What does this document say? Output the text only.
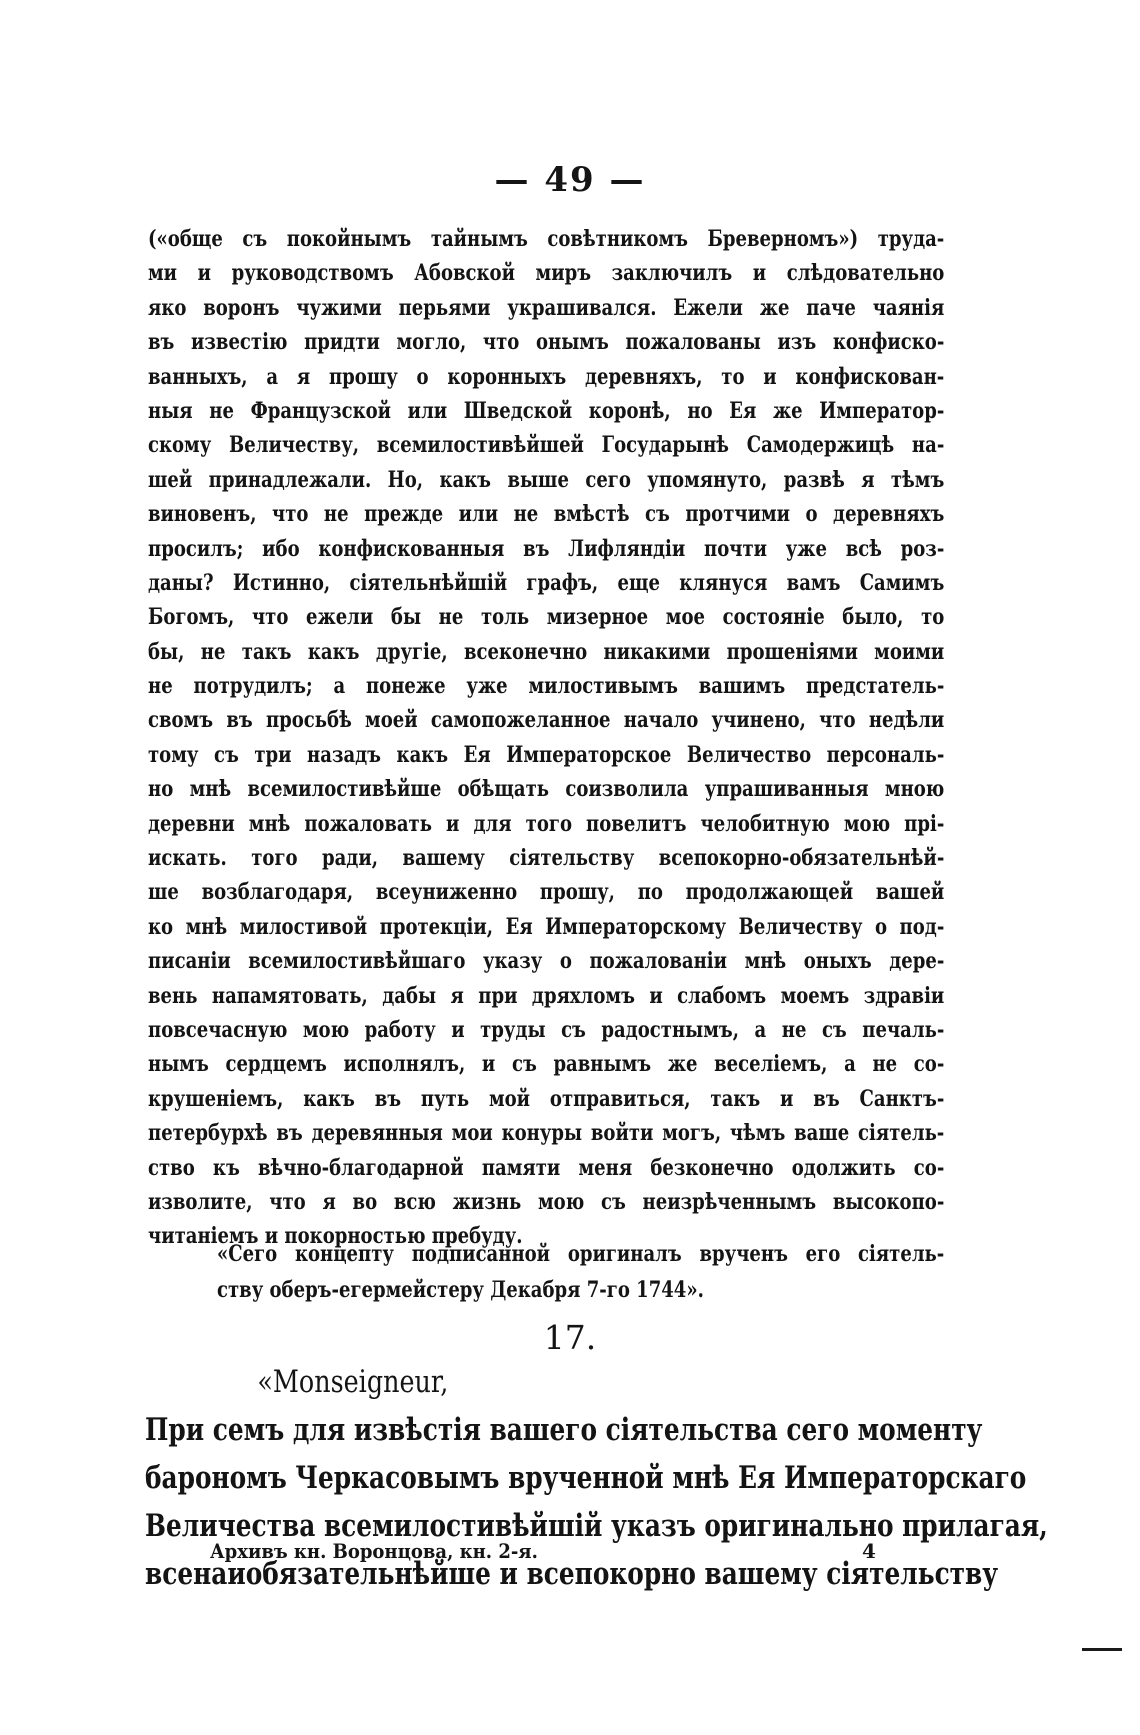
— 49 —
(«обще съ покойнымъ тайнымъ совѣтникомъ Бреверномъ») труда-
ми и руководствомъ Абовской миръ заключилъ и слѣдовательно
яко воронъ чужими перьями украшивался. Ежели же паче чаянія
въ известію придти могло, что онымъ пожалованы изъ конфиско-
ванныхъ, а я прошу о коронныхъ деревняхъ, то и конфискован-
ныя не Французской или Шведской коронѣ, но Ея же Император-
скому Величеству, всемилостивѣйшей Государынѣ Самодержицѣ на-
шей принадлежали. Но, какъ выше сего упомянуто, развѣ я тѣмъ
виновенъ, что не прежде или не вмѣстѣ съ протчими о деревняхъ
просилъ; ибо конфискованныя въ Лифляндіи почти уже всѣ роз-
даны? Истинно, сіятельнѣйшій графъ, еще клянуся вамъ Самимъ
Богомъ, что ежели бы не толь мизерное мое состояніе было, то
бы, не такъ какъ другіе, всеконечно никакими прошеніями моими
не потрудилъ; а понеже уже милостивымъ вашимъ предстатель-
свомъ въ просьбѣ моей самопожеланное начало учинено, что недѣли
тому съ три назадъ какъ Ея Императорское Величество персональ-
но мнѣ всемилостивѣйше обѣщать соизволила упрашиванныя мною
деревни мнѣ пожаловать и для того повелитъ челобитную мою прі-
искать. того ради, вашему сіятельству всепокорно-обязательнѣй-
ше возблагодаря, всеуниженно прошу, по продолжающей вашей
ко мнѣ милостивой протекціи, Ея Императорскому Величеству о под-
писаніи всемилостивѣйшаго указу о пожалованіи мнѣ оныхъ дере-
вень напамятовать, дабы я при дряхломъ и слабомъ моемъ здравіи
повсечасную мою работу и труды съ радостнымъ, а не съ печаль-
нымъ сердцемъ исполнялъ, и съ равнымъ же веселіемъ, а не со-
крушеніемъ, какъ въ путь мой отправиться, такъ и въ Санктъ-
петербурхѣ въ деревянныя мои конуры войти могъ, чѣмъ ваше сіятель-
ство къ вѣчно-благодарной памяти меня безконечно одолжить со-
изволите, что я во всю жизнь мою съ неизрѣченнымъ высокопо-
читаніемъ и покорностью пребуду.
«Сего концепту подписанной оригиналъ врученъ его сіятель-
ству оберъ-егермейстеру Декабря 7-го 1744».
17.
«Monseigneur,
При семъ для извѣстія вашего сіятельства сего моменту
барономъ Черкасовымъ врученной мнѣ Ея Императорскаго
Величества всемилостивѣйшій указъ оригинально прилагая,
всенаиобязательнѣйше и всепокорно вашему сіятельству
Архивъ кн. Воронцова, кн. 2-я.	4
